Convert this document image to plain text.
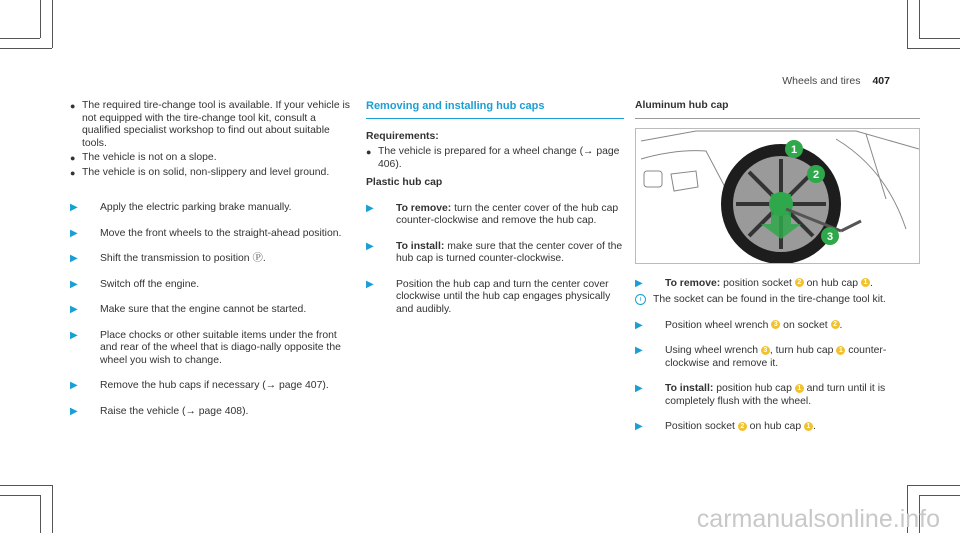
Wheels and tires 407
● The required tire-change tool is available. If your vehicle is not equipped with the tire-change tool kit, consult a qualified specialist workshop to find out about suitable tools.
● The vehicle is not on a slope.
● The vehicle is on solid, non-slippery and level ground.
▶ Apply the electric parking brake manually.
▶ Move the front wheels to the straight-ahead position.
▶ Shift the transmission to position Ⓟ.
▶ Switch off the engine.
▶ Make sure that the engine cannot be started.
▶ Place chocks or other suitable items under the front and rear of the wheel that is diago-nally opposite the wheel you wish to change.
▶ Remove the hub caps if necessary (→ page 407).
▶ Raise the vehicle (→ page 408).
Removing and installing hub caps
Requirements:
● The vehicle is prepared for a wheel change (→ page 406).
Plastic hub cap
▶ To remove: turn the center cover of the hub cap counter-clockwise and remove the hub cap.
▶ To install: make sure that the center cover of the hub cap is turned counter-clockwise.
▶ Position the hub cap and turn the center cover clockwise until the hub cap engages physically and audibly.
Aluminum hub cap
1
2
3
▶ To remove: position socket 2 on hub cap 1 .
i	The socket can be found in the tire-change tool kit.
▶ Position wheel wrench 3 on socket 2 .
▶ Using wheel wrench 3 , turn hub cap 1 counter-clockwise and remove it.
▶ To install: position hub cap 1 and turn until it is completely flush with the wheel.
▶ Position socket 2 on hub cap 1 .
carmanualsonline.info
